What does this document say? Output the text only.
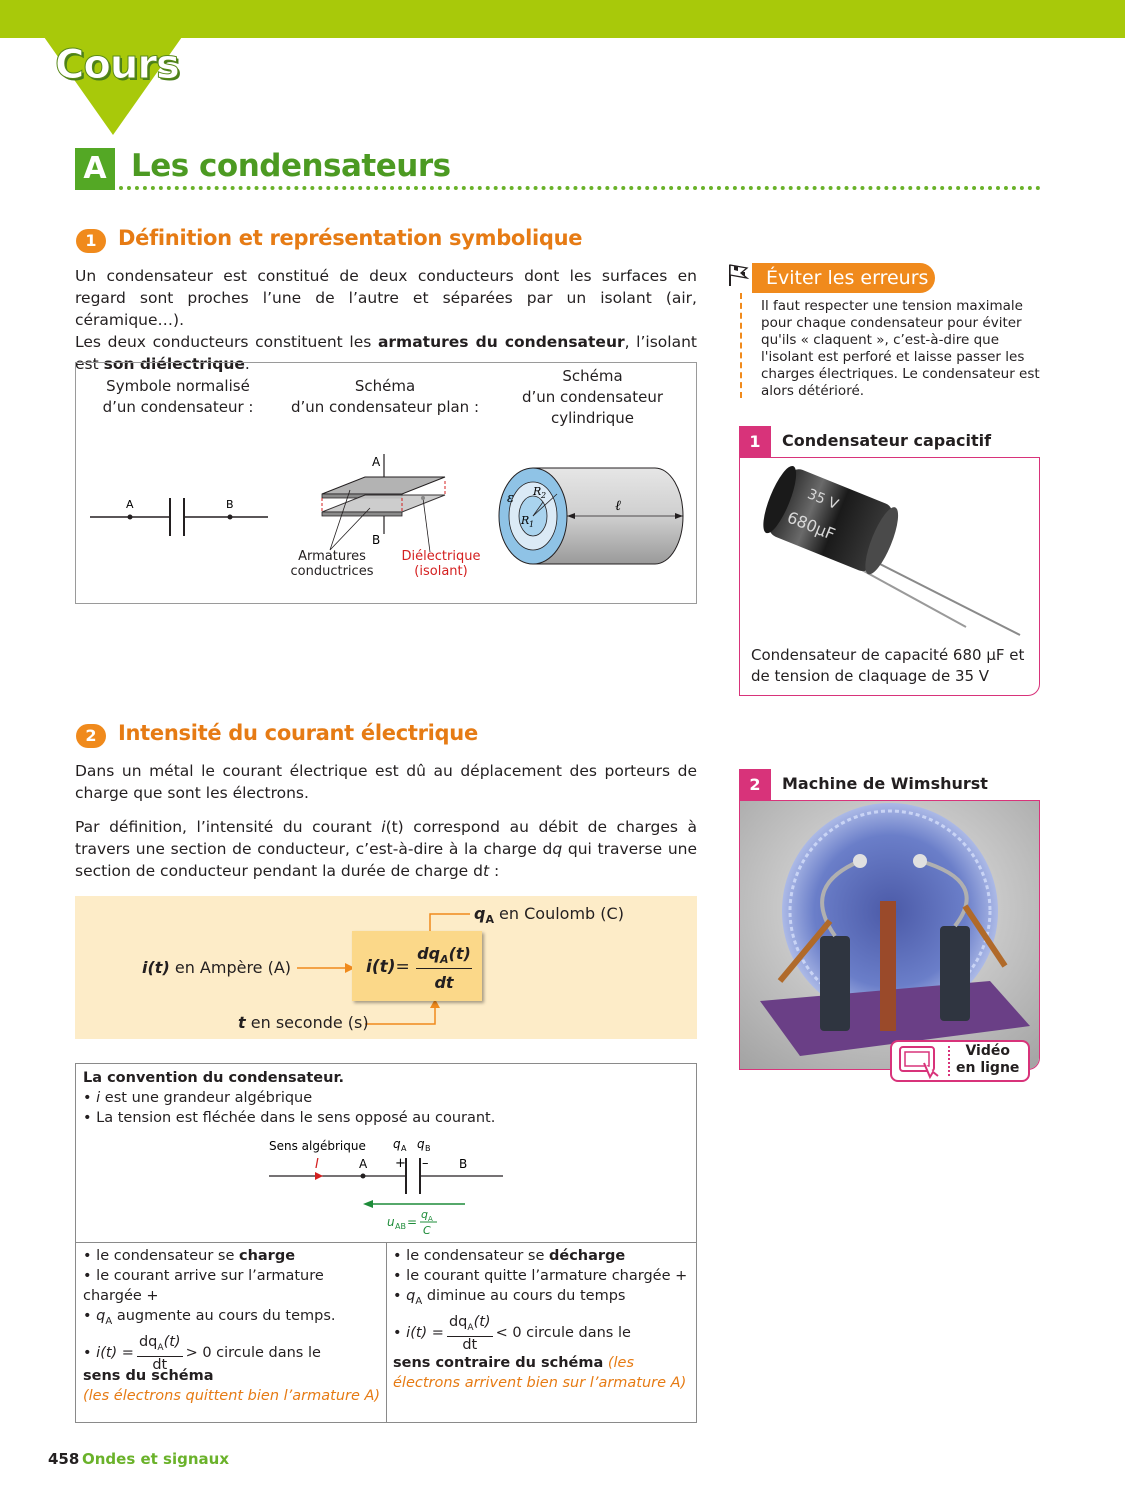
Cours
A Les condensateurs
1	Définition et représentation symbolique
Un condensateur est constitué de deux conducteurs dont les surfaces en regard sont proches l’une de l’autre et séparées par un isolant (air, céramique…).
Les deux conducteurs constituent les armatures du condensateur, l’isolant est son diélectrique.
Symbole normalisé
d’un condensateur :
Schéma
d’un condensateur plan :
Schéma
d’un condensateur
cylindrique
A	B
A
B
Armatures
conductrices
Diélectrique
(isolant)
ε R 2
R 1
ℓ
2	Intensité du courant électrique
Dans un métal le courant électrique est dû au déplacement des porteurs de charge que sont les électrons.
Par définition, l’intensité du courant i(t) correspond au débit de charges à travers une section de conducteur, c’est-à-dire à la charge dq qui traverse une section de conducteur pendant la durée de charge dt :
i(t)=
$dq_A(t)$
dt
$q_A$ en Coulomb (C)
i(t) en Ampère (A)
t en seconde (s)
La convention du condensateur.
• i est une grandeur algébrique
• La tension est fléchée dans le sens opposé au courant.
Sens algébrique q A q B
I	A + –	B
u AB =
q A
C
• le condensateur se charge
• le courant arrive sur l’armature chargée +
• $q_A$ augmente au cours du temps.
• i(t) =
$dq_A(t)$
dt
> 0 circule dans le
sens du schéma
(les électrons quittent bien l’armature A)
• le condensateur se décharge
• le courant quitte l’armature chargée +
• $q_A$ diminue au cours du temps
• i(t) =
$dq_A(t)$
dt
< 0 circule dans le
sens contraire du schéma (les électrons arrivent bien sur l’armature A)
Éviter les erreurs
Il faut respecter une tension maximale pour chaque condensateur pour éviter qu'ils « claquent », c’est-à-dire que l'isolant est perforé et laisse passer les charges électriques. Le condensateur est alors détérioré.
1	Condensateur capacitif
35 V
680µF
Condensateur de capacité 680 µF et de tension de claquage de 35 V
2	Machine de Wimshurst
Vidéo
en ligne
458 Ondes et signaux
